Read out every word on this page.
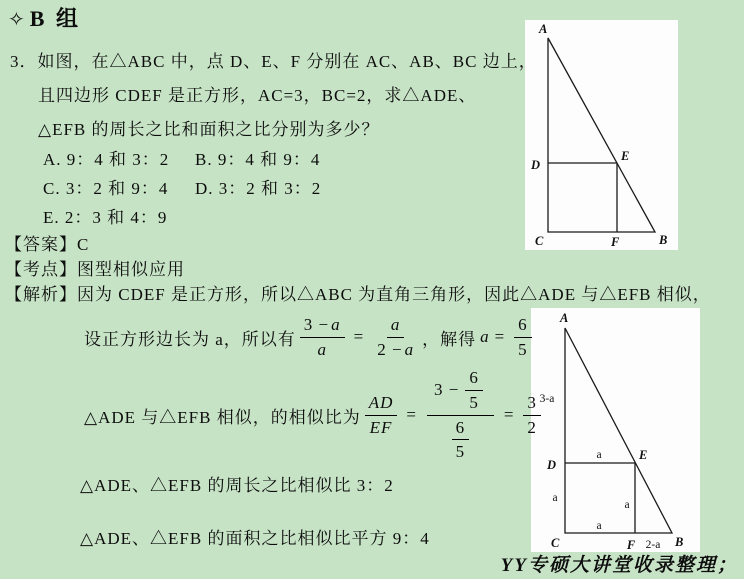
✧B 组
3．如图，在△ABC 中，点 D、E、F 分别在 AC、AB、BC 边上，
且四边形 CDEF 是正方形，AC=3，BC=2，求△ADE、
△EFB 的周长之比和面积之比分别为多少？
A. 9：4 和 3：2	B. 9：4 和 9：4
C. 3：2 和 9：4	D. 3：2 和 3：2
E. 2：3 和 4：9
【答案】C
【考点】图型相似应用
【解析】因为 CDEF 是正方形，所以△ABC 为直角三角形，因此△ADE 与△EFB 相似，
设正方形边长为 a，所以有 $\frac{3 - a}{a} = \frac{a}{2 - a}$ ，解得 $a = \frac{6}{5}$
△ADE 与△EFB 相似，的相似比为 $\frac{AD}{EF} = \frac{3 - \frac{6}{5}}{\frac{6}{5}} = \frac{3}{2}$
△ADE、△EFB 的周长之比相似比 3：2
△ADE、△EFB 的面积之比相似比平方 9：4
A
D
E
C	F	B
A
3-a
D
a	E
a
a
a
C	F 2-a B
YY专硕大讲堂收录整理；
